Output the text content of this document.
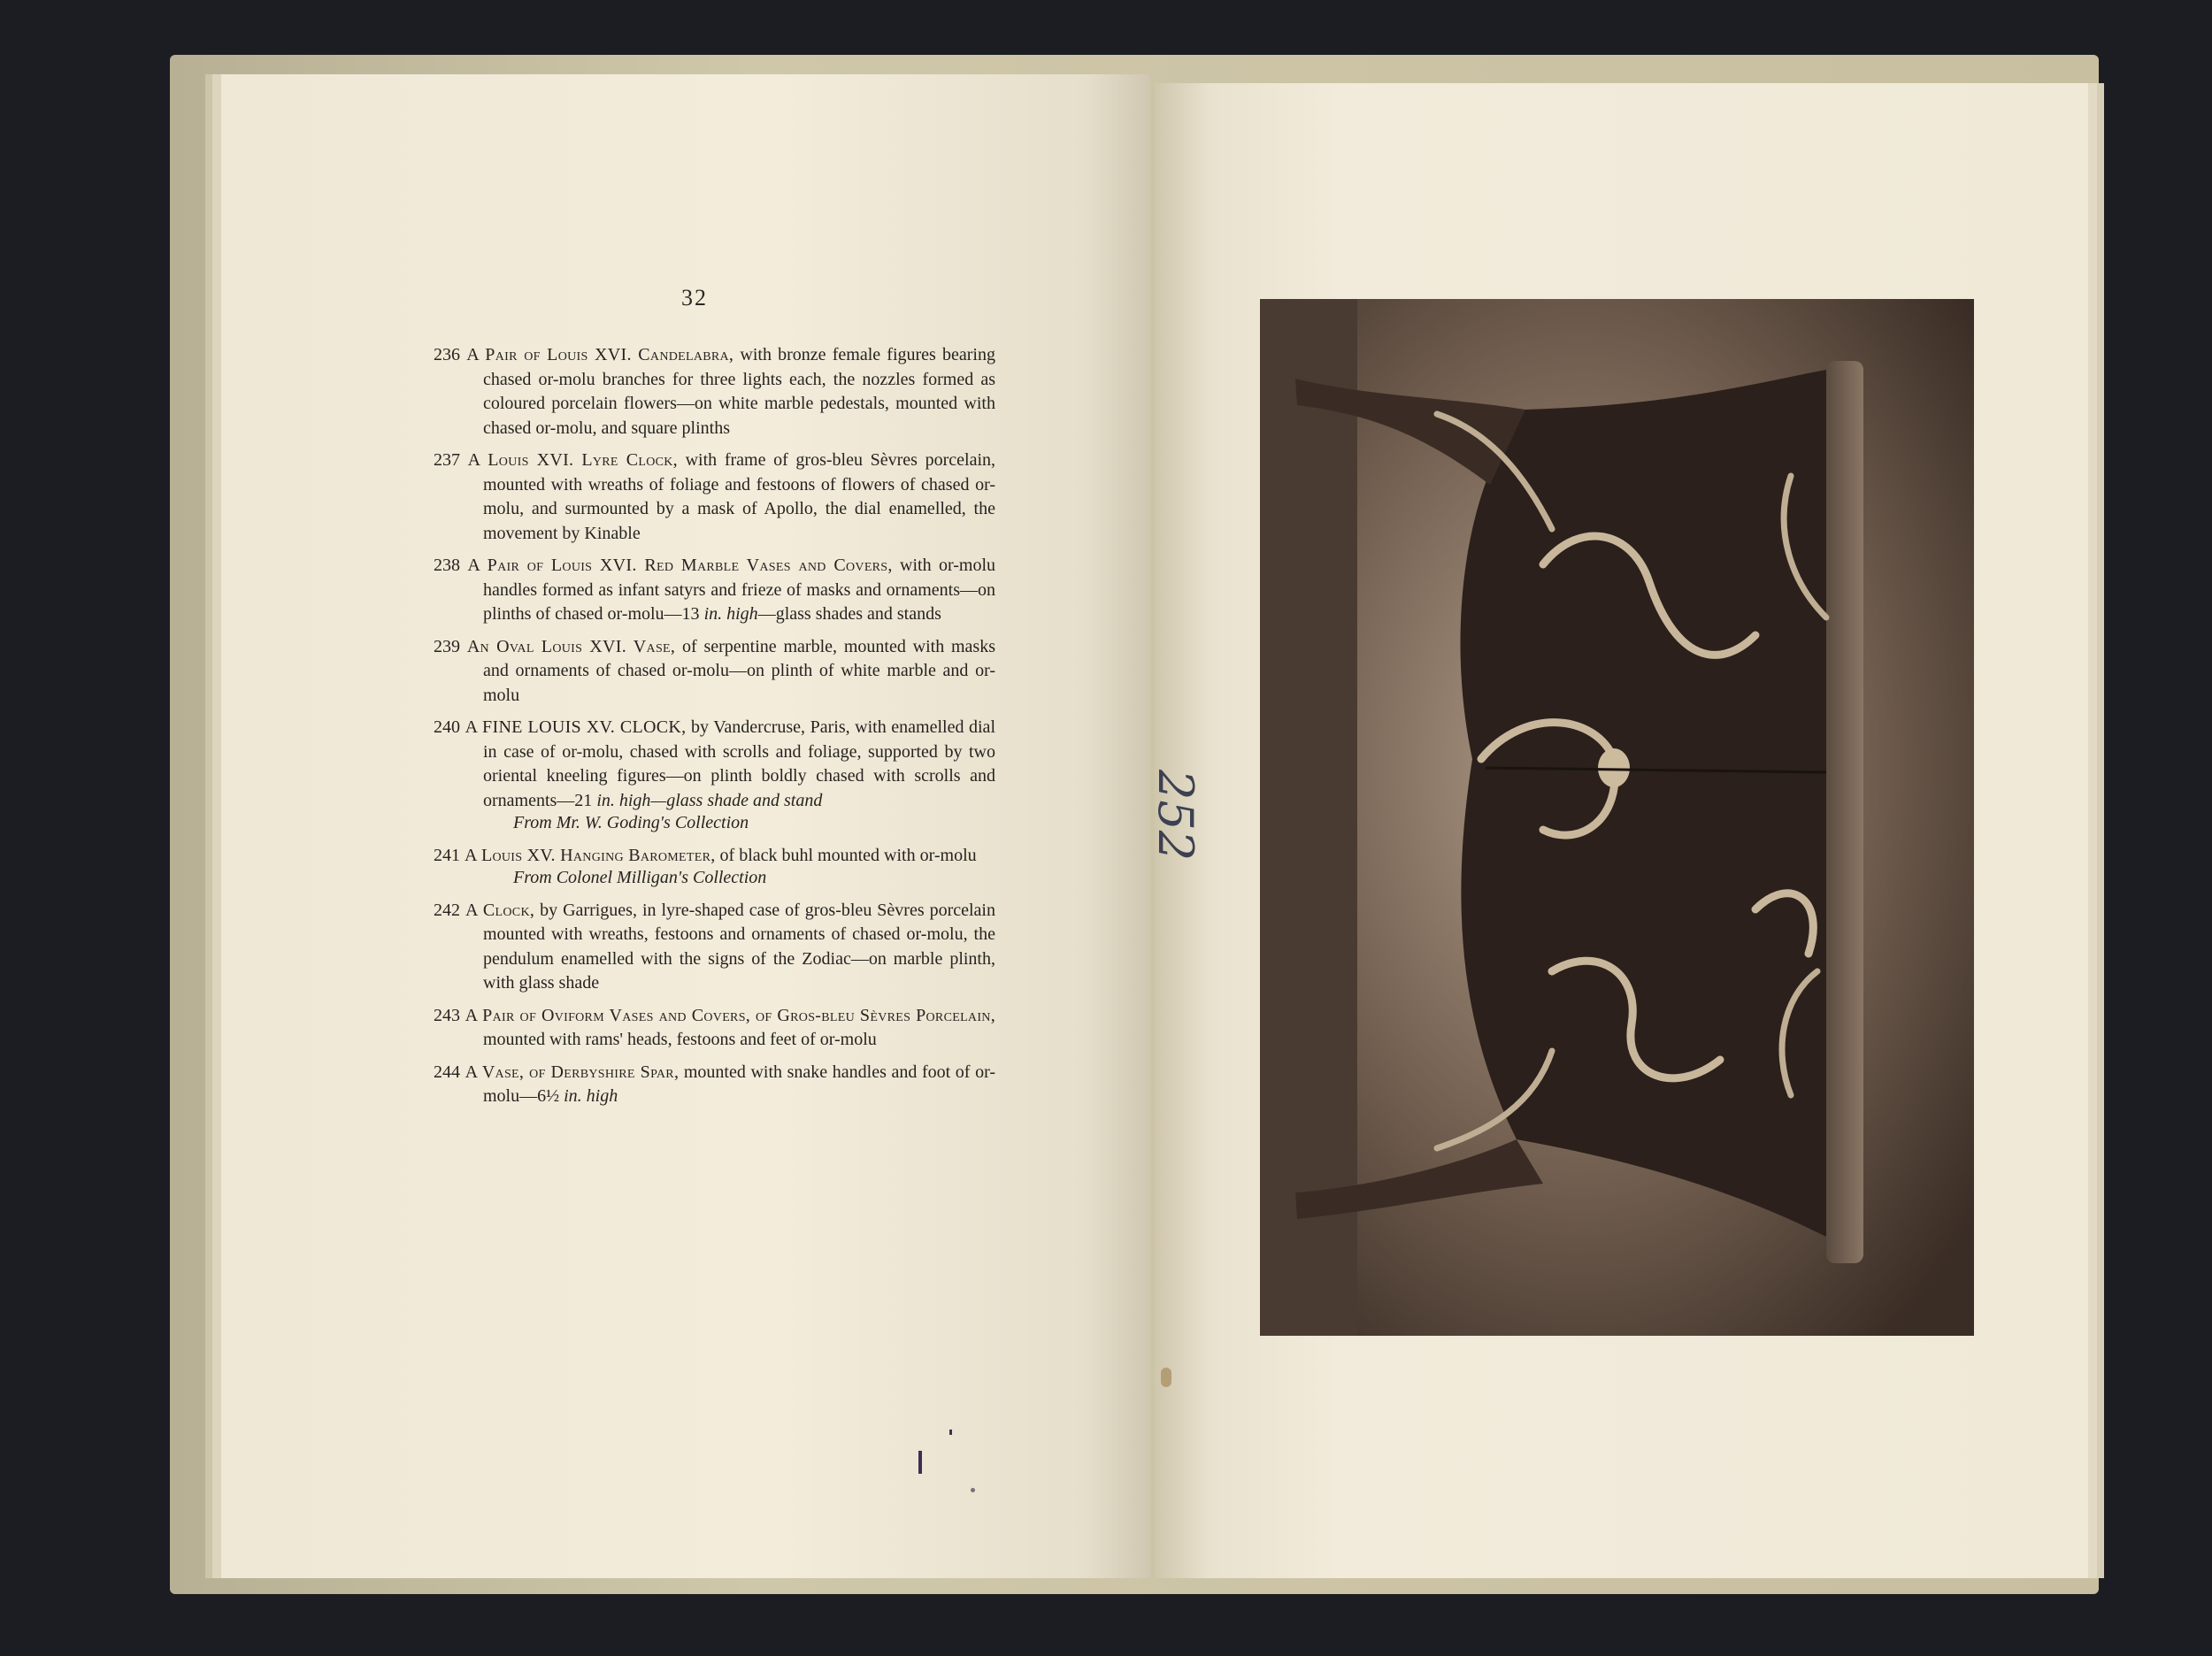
32
236 A Pair of Louis XVI. Candelabra, with bronze female figures bearing chased or-molu branches for three lights each, the nozzles formed as coloured porcelain flowers—on white marble pedestals, mounted with chased or-molu, and square plinths
237 A Louis XVI. Lyre Clock, with frame of gros-bleu Sèvres porcelain, mounted with wreaths of foliage and festoons of flowers of chased or-molu, and surmounted by a mask of Apollo, the dial enamelled, the movement by Kinable
238 A Pair of Louis XVI. Red Marble Vases and Covers, with or-molu handles formed as infant satyrs and frieze of masks and ornaments—on plinths of chased or-molu—13 in. high—glass shades and stands
239 An Oval Louis XVI. Vase, of serpentine marble, mounted with masks and ornaments of chased or-molu—on plinth of white marble and or-molu
240 A FINE LOUIS XV. CLOCK, by Vandercruse, Paris, with enamelled dial in case of or-molu, chased with scrolls and foliage, supported by two oriental kneeling figures—on plinth boldly chased with scrolls and ornaments—21 in. high—glass shade and stand
From Mr. W. Goding's Collection
241 A Louis XV. Hanging Barometer, of black buhl mounted with or-molu
From Colonel Milligan's Collection
242 A Clock, by Garrigues, in lyre-shaped case of gros-bleu Sèvres porcelain mounted with wreaths, festoons and ornaments of chased or-molu, the pendulum enamelled with the signs of the Zodiac—on marble plinth, with glass shade
243 A Pair of Oviform Vases and Covers, of Gros-bleu Sèvres Porcelain, mounted with rams' heads, festoons and feet of or-molu
244 A Vase, of Derbyshire Spar, mounted with snake handles and foot of or-molu—6½ in. high
252
